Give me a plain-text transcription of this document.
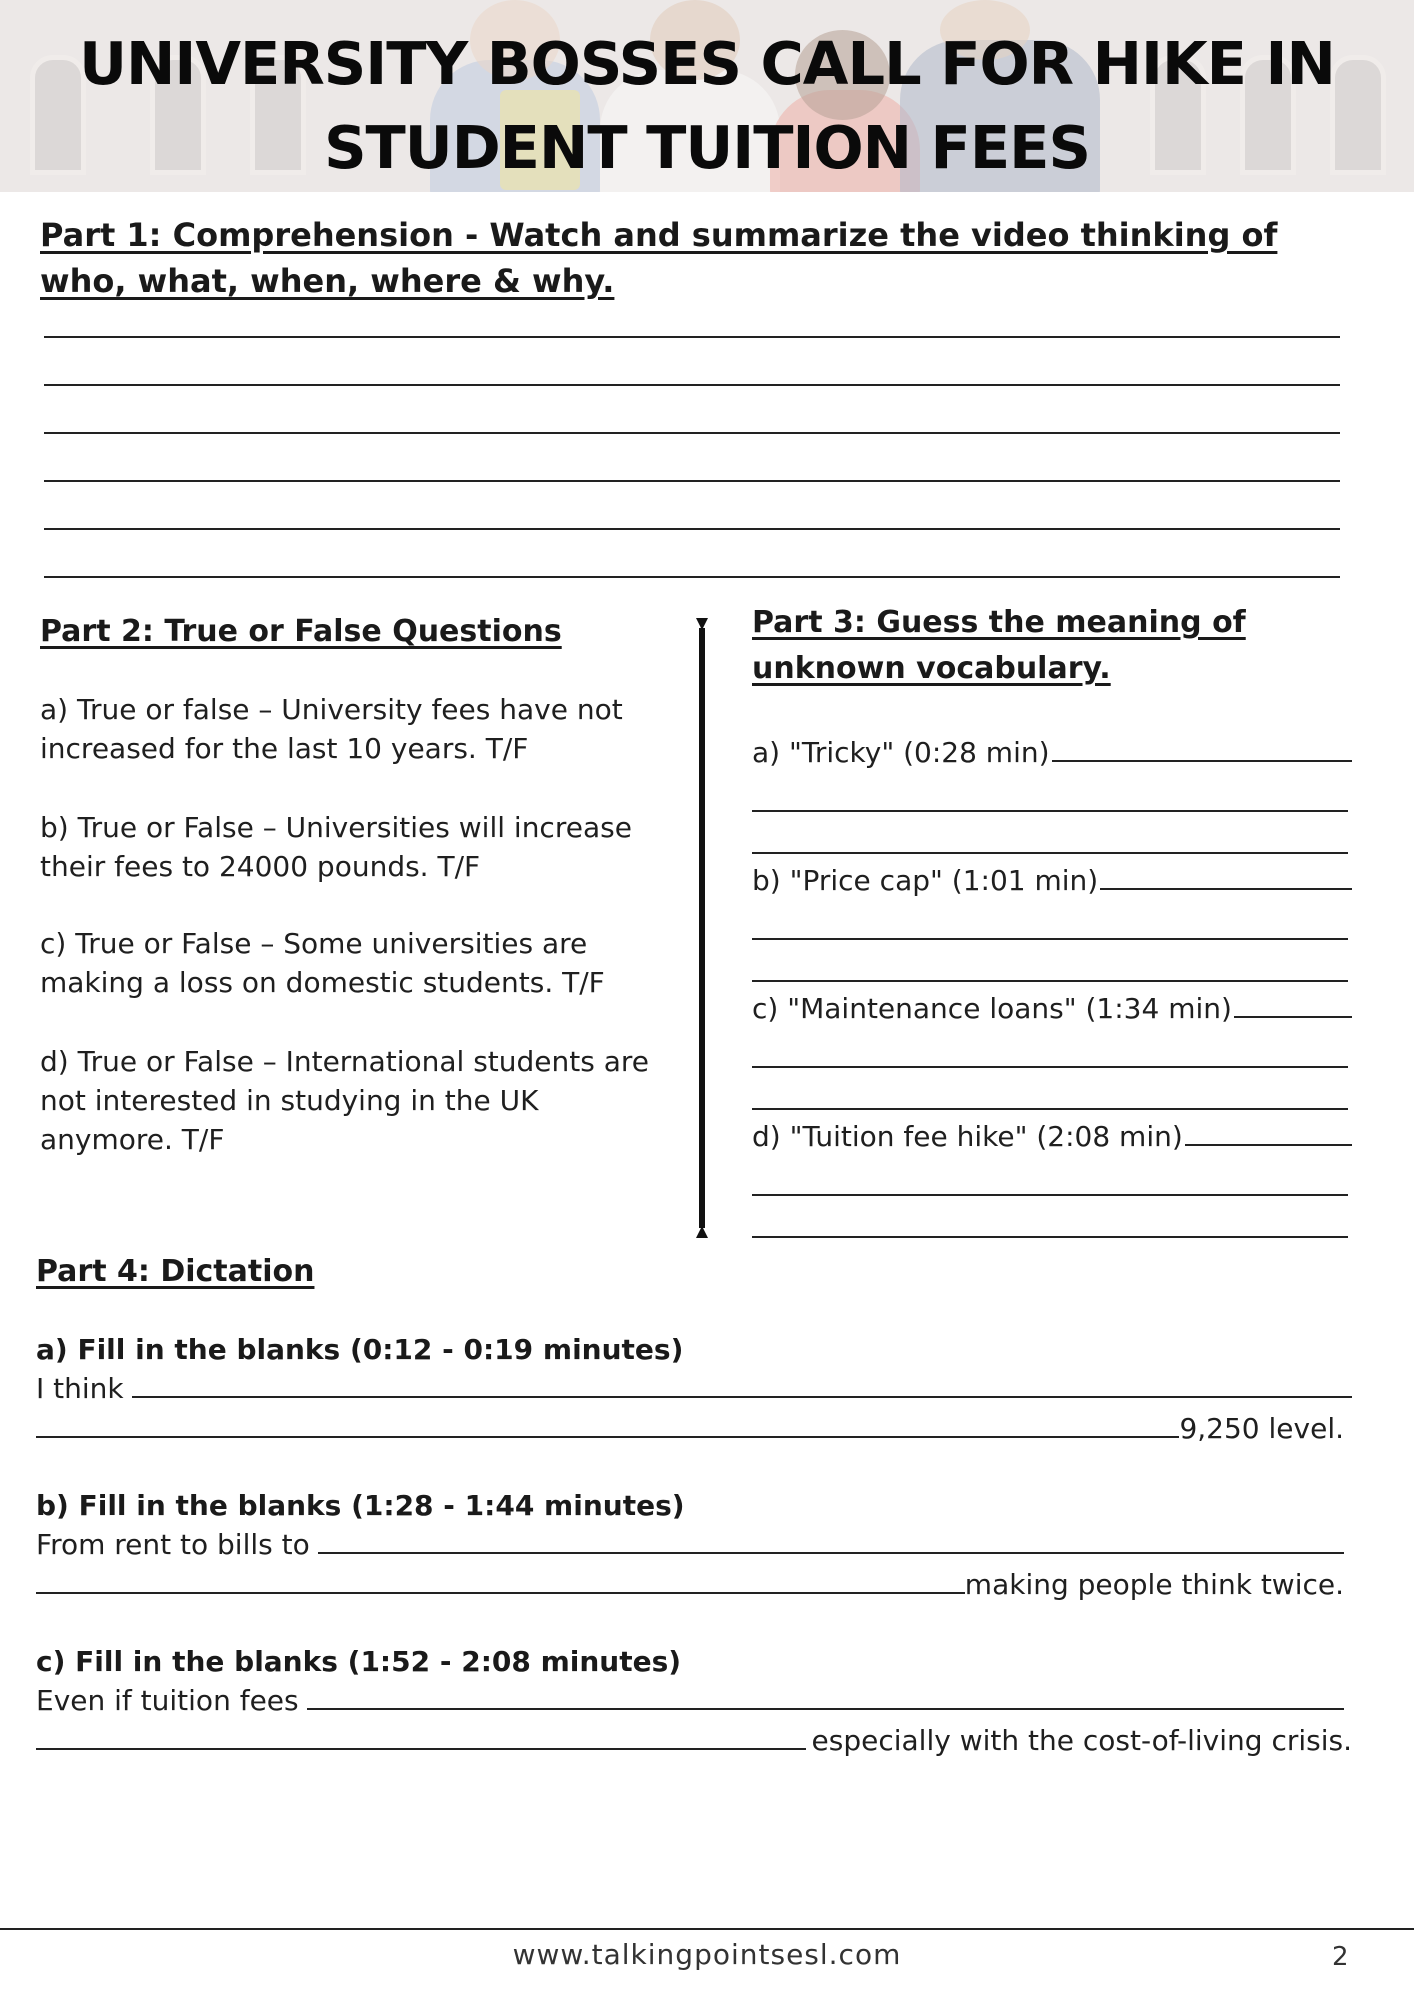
UNIVERSITY BOSSES CALL FOR HIKE IN
STUDENT TUITION FEES

Part 1: Comprehension - Watch and summarize the video thinking of who, what, when, where & why.

Part 2: True or False Questions

a) True or false – University fees have not increased for the last 10 years. T/F

b) True or False – Universities will increase their fees to 24000 pounds. T/F

c) True or False – Some universities are making a loss on domestic students. T/F

d) True or False – International students are not interested in studying in the UK anymore. T/F

Part 3: Guess the meaning of unknown vocabulary.

a) "Tricky" (0:28 min)
b) "Price cap" (1:01 min)
c) "Maintenance loans" (1:34 min)
d) "Tuition fee hike" (2:08 min)

Part 4: Dictation

a) Fill in the blanks (0:12 - 0:19 minutes)

I think
9,250 level.

b) Fill in the blanks (1:28 - 1:44 minutes)

From rent to bills to
making people think twice.

c) Fill in the blanks (1:52 - 2:08 minutes)

Even if tuition fees
especially with the cost-of-living crisis.

www.talkingpointsesl.com	2
